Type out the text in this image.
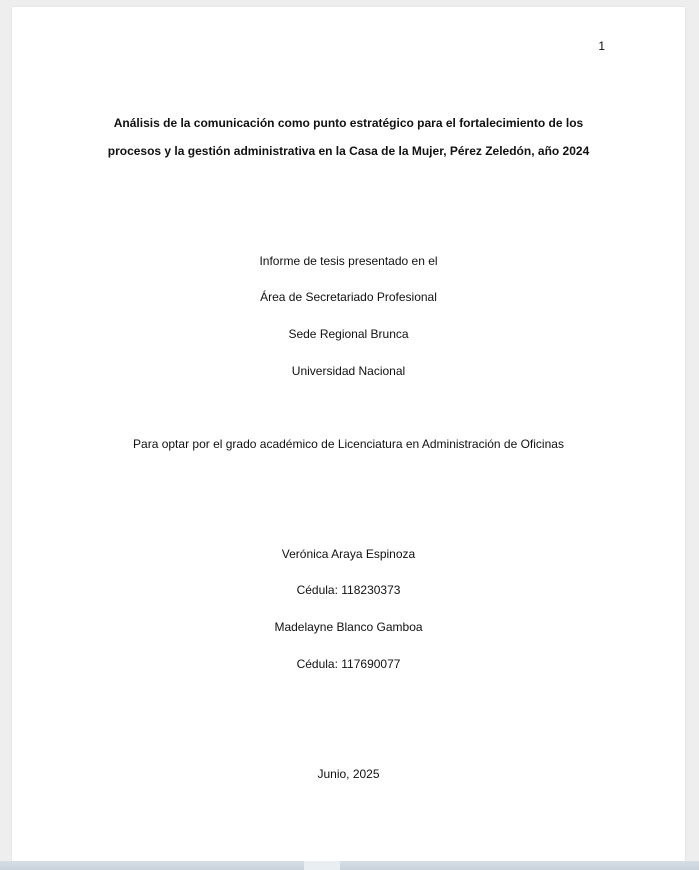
1
Análisis de la comunicación como punto estratégico para el fortalecimiento de los
procesos y la gestión administrativa en la Casa de la Mujer, Pérez Zeledón, año 2024
Informe de tesis presentado en el
Área de Secretariado Profesional
Sede Regional Brunca
Universidad Nacional
Para optar por el grado académico de Licenciatura en Administración de Oficinas
Verónica Araya Espinoza
Cédula: 118230373
Madelayne Blanco Gamboa
Cédula: 117690077
Junio, 2025
